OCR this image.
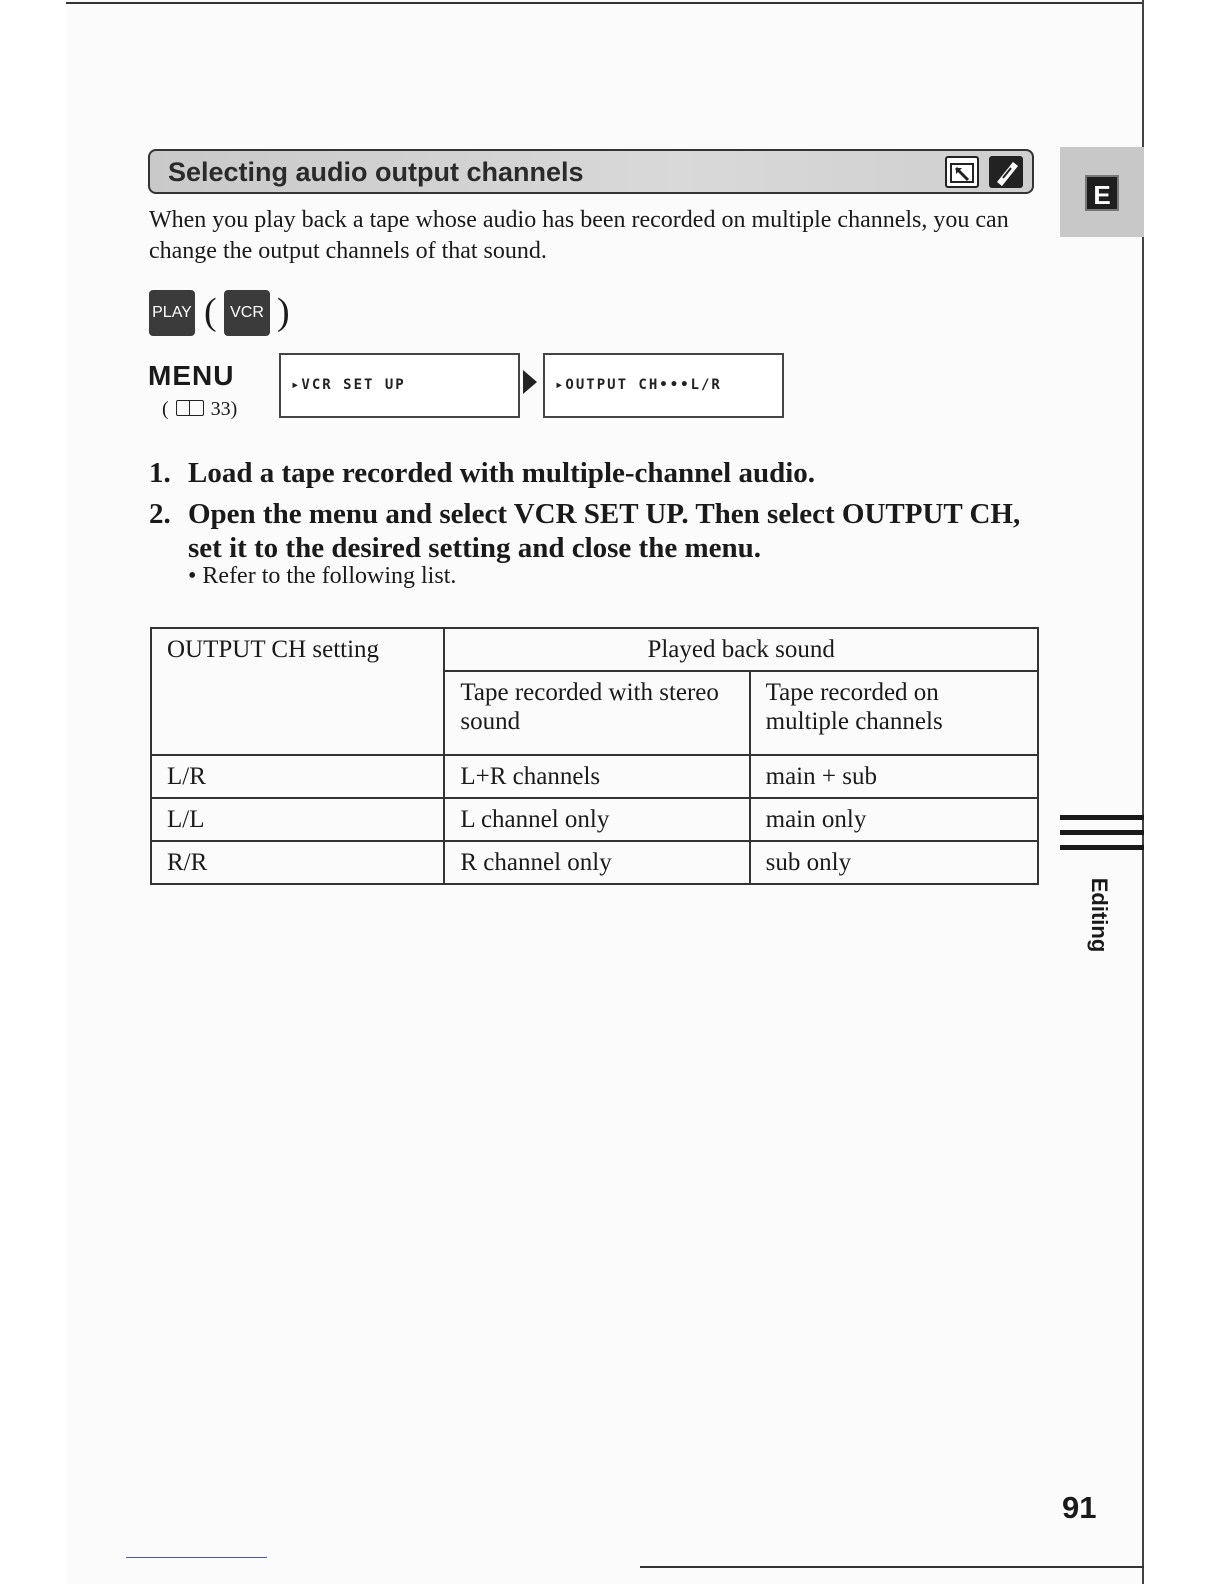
Selecting audio output channels
E

When you play back a tape whose audio has been recorded on multiple channels, you can change the output channels of that sound.

PLAY ( VCR )
MENU
( 33)
▸VCR SET UP	▸OUTPUT CH•••L/R

1. Load a tape recorded with multiple-channel audio.

2. Open the menu and select VCR SET UP. Then select OUTPUT CH, set it to the desired setting and close the menu.

• Refer to the following list.
OUTPUT CH setting	Played back sound	
	Tape recorded with stereo sound	Tape recorded on multiple channels
L/R	L+R channels	main + sub
L/L	L channel only	main only
R/R	R channel only	sub only
Editing
91
